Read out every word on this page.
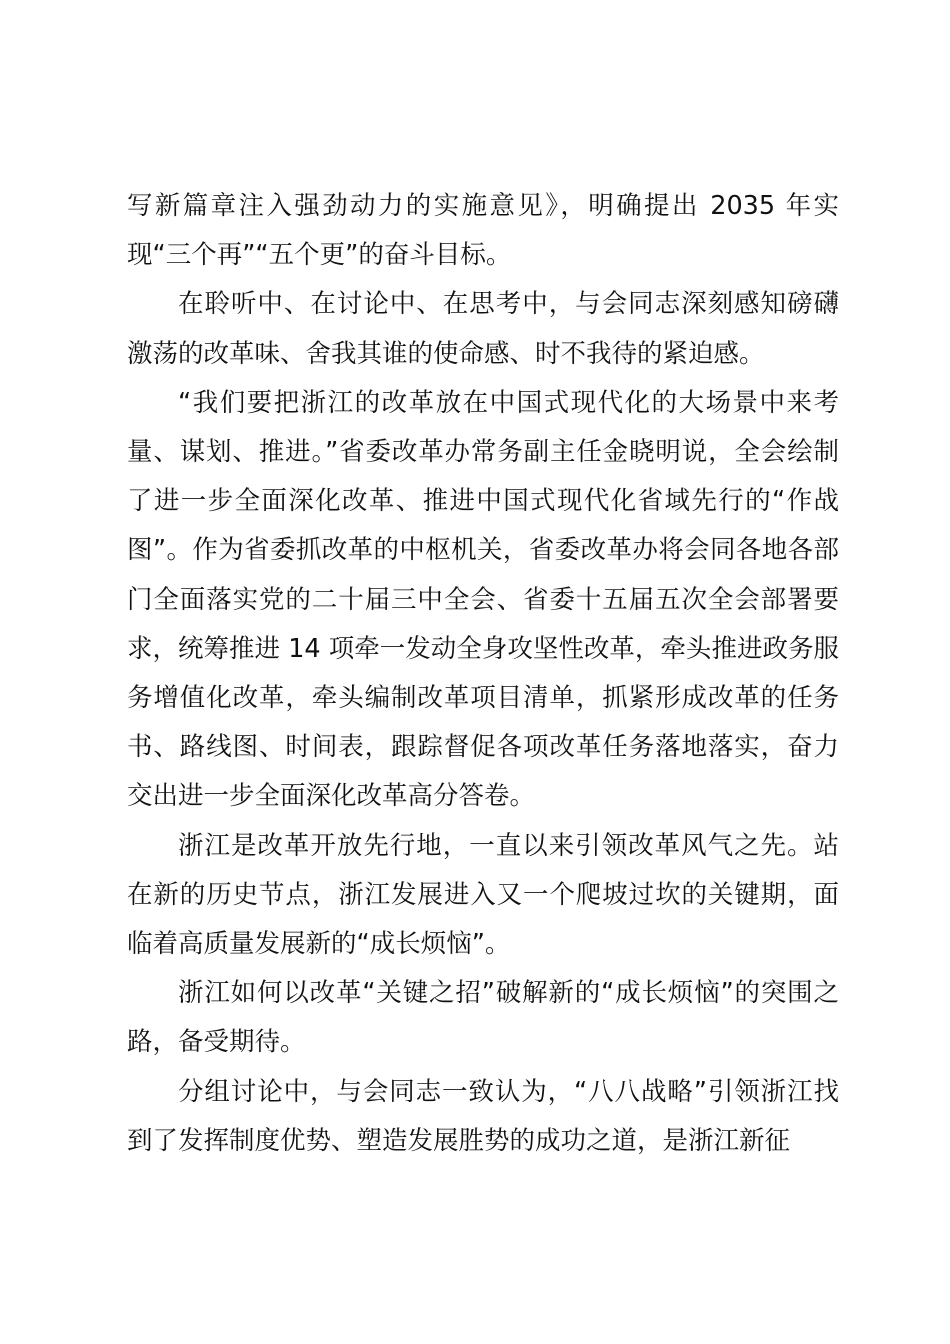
写新篇章注入强劲动力的实施意见》，明确提出 2035 年实现“三个再”“五个更”的奋斗目标。

在聆听中、在讨论中、在思考中，与会同志深刻感知磅礴激荡的改革味、舍我其谁的使命感、时不我待的紧迫感。

“我们要把浙江的改革放在中国式现代化的大场景中来考量、谋划、推进。”省委改革办常务副主任金晓明说，全会绘制了进一步全面深化改革、推进中国式现代化省域先行的“作战图”。作为省委抓改革的中枢机关，省委改革办将会同各地各部门全面落实党的二十届三中全会、省委十五届五次全会部署要求，统筹推进 14 项牵一发动全身攻坚性改革，牵头推进政务服务增值化改革，牵头编制改革项目清单，抓紧形成改革的任务书、路线图、时间表，跟踪督促各项改革任务落地落实，奋力交出进一步全面深化改革高分答卷。

浙江是改革开放先行地，一直以来引领改革风气之先。站在新的历史节点，浙江发展进入又一个爬坡过坎的关键期，面临着高质量发展新的“成长烦恼”。

浙江如何以改革“关键之招”破解新的“成长烦恼”的突围之路，备受期待。

分组讨论中，与会同志一致认为，“八八战略”引领浙江找到了发挥制度优势、塑造发展胜势的成功之道，是浙江新征
